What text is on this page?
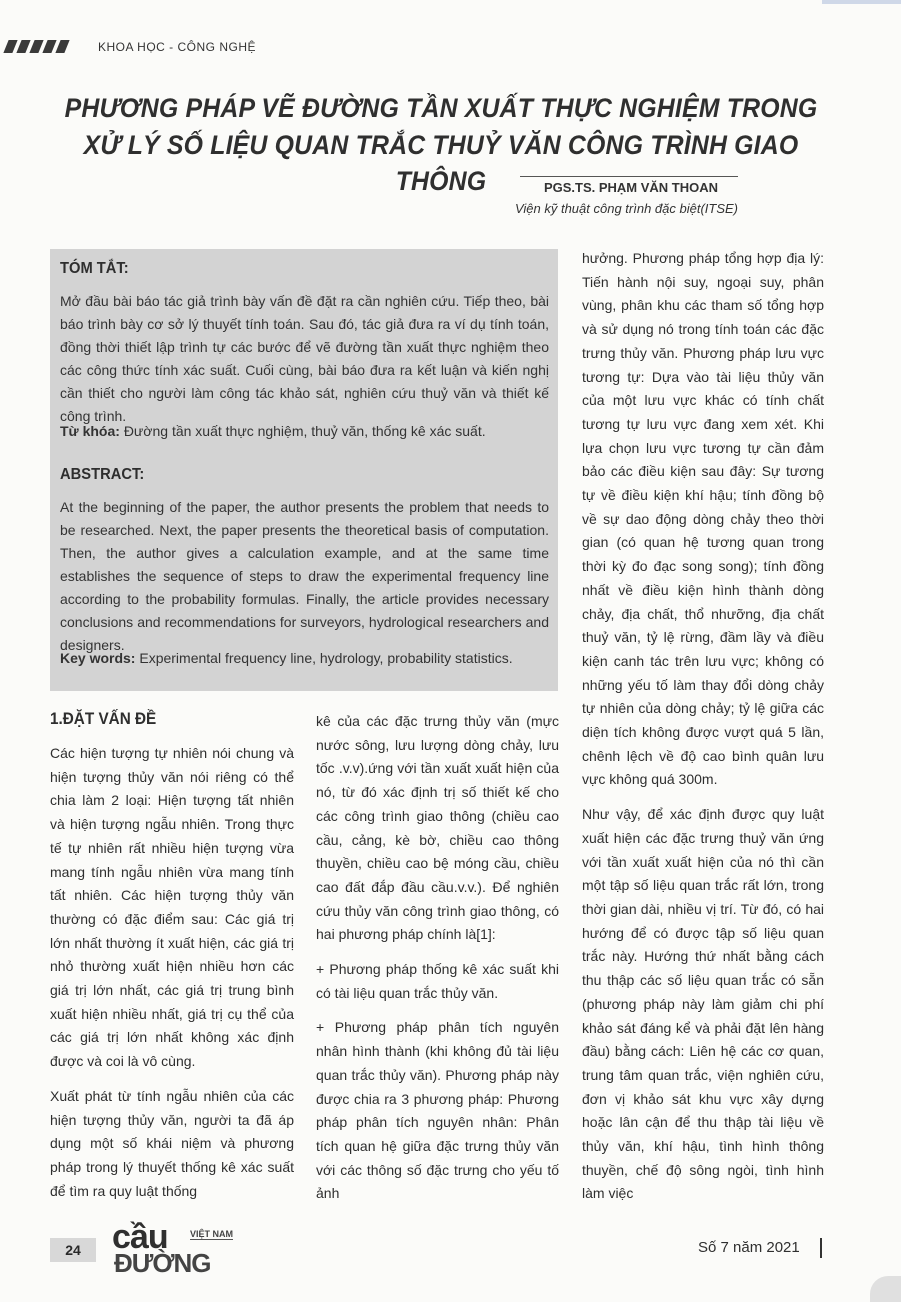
KHOA HỌC - CÔNG NGHỆ
PHƯƠNG PHÁP VẼ ĐƯỜNG TẦN XUẤT THỰC NGHIỆM TRONG
XỬ LÝ SỐ LIỆU QUAN TRẮC THUỶ VĂN CÔNG TRÌNH GIAO THÔNG	PGS.TS. PHẠM VĂN THOAN
Viện kỹ thuật công trình đặc biệt(ITSE)
TÓM TẮT:
Mở đầu bài báo tác giả trình bày vấn đề đặt ra cần nghiên cứu. Tiếp theo, bài báo trình bày cơ sở lý thuyết tính toán. Sau đó, tác giả đưa ra ví dụ tính toán, đồng thời thiết lập trình tự các bước để vẽ đường tần xuất thực nghiệm theo các công thức tính xác suất. Cuối cùng, bài báo đưa ra kết luận và kiến nghị cần thiết cho người làm công tác khảo sát, nghiên cứu thuỷ văn và thiết kế công trình.
Từ khóa: Đường tần xuất thực nghiệm, thuỷ văn, thống kê xác suất.
ABSTRACT:
At the beginning of the paper, the author presents the problem that needs to be researched. Next, the paper presents the theoretical basis of computation. Then, the author gives a calculation example, and at the same time establishes the sequence of steps to draw the experimental frequency line according to the probability formulas. Finally, the article provides necessary conclusions and recommendations for surveyors, hydrological researchers and designers.
Key words: Experimental frequency line, hydrology, probability statistics.
1.ĐẶT VẤN ĐỀ

Các hiện tượng tự nhiên nói chung và hiện tượng thủy văn nói riêng có thể chia làm 2 loại: Hiện tượng tất nhiên và hiện tượng ngẫu nhiên. Trong thực tế tự nhiên rất nhiều hiện tượng vừa mang tính ngẫu nhiên vừa mang tính tất nhiên. Các hiện tượng thủy văn thường có đặc điểm sau: Các giá trị lớn nhất thường ít xuất hiện, các giá trị nhỏ thường xuất hiện nhiều hơn các giá trị lớn nhất, các giá trị trung bình xuất hiện nhiều nhất, giá trị cụ thể của các giá trị lớn nhất không xác định được và coi là vô cùng.

Xuất phát từ tính ngẫu nhiên của các hiện tượng thủy văn, người ta đã áp dụng một số khái niệm và phương pháp trong lý thuyết thống kê xác suất để tìm ra quy luật thống

kê của các đặc trưng thủy văn (mực nước sông, lưu lượng dòng chảy, lưu tốc .v.v).ứng với tần xuất xuất hiện của nó, từ đó xác định trị số thiết kế cho các công trình giao thông (chiều cao cầu, cảng, kè bờ, chiều cao thông thuyền, chiều cao bệ móng cầu, chiều cao đất đắp đầu cầu.v.v.). Để nghiên cứu thủy văn công trình giao thông, có hai phương pháp chính là[1]:

+ Phương pháp thống kê xác suất khi có tài liệu quan trắc thủy văn.

+ Phương pháp phân tích nguyên nhân hình thành (khi không đủ tài liệu quan trắc thủy văn). Phương pháp này được chia ra 3 phương pháp: Phương pháp phân tích nguyên nhân: Phân tích quan hệ giữa đặc trưng thủy văn với các thông số đặc trưng cho yếu tố ảnh

hưởng. Phương pháp tổng hợp địa lý: Tiến hành nội suy, ngoại suy, phân vùng, phân khu các tham số tổng hợp và sử dụng nó trong tính toán các đặc trưng thủy văn. Phương pháp lưu vực tương tự: Dựa vào tài liệu thủy văn của một lưu vực khác có tính chất tương tự lưu vực đang xem xét. Khi lựa chọn lưu vực tương tự cần đảm bảo các điều kiện sau đây: Sự tương tự về điều kiện khí hậu; tính đồng bộ về sự dao động dòng chảy theo thời gian (có quan hệ tương quan trong thời kỳ đo đạc song song); tính đồng nhất về điều kiện hình thành dòng chảy, địa chất, thổ nhưỡng, địa chất thuỷ văn, tỷ lệ rừng, đầm lầy và điều kiện canh tác trên lưu vực; không có những yếu tố làm thay đổi dòng chảy tự nhiên của dòng chảy; tỷ lệ giữa các diện tích không được vượt quá 5 lần, chênh lệch về độ cao bình quân lưu vực không quá 300m.

Như vậy, để xác định được quy luật xuất hiện các đặc trưng thuỷ văn ứng với tần xuất xuất hiện của nó thì cần một tập số liệu quan trắc rất lớn, trong thời gian dài, nhiều vị trí. Từ đó, có hai hướng để có được tập số liệu quan trắc này. Hướng thứ nhất bằng cách thu thập các số liệu quan trắc có sẵn (phương pháp này làm giảm chi phí khảo sát đáng kể và phải đặt lên hàng đầu) bằng cách: Liên hệ các cơ quan, trung tâm quan trắc, viện nghiên cứu, đơn vị khảo sát khu vực xây dựng hoặc lân cận để thu thập tài liệu về thủy văn, khí hậu, tình hình thông thuyền, chế độ sông ngòi, tình hình làm việc

24 cầu VIỆT NAM
ĐƯỜNG
Số 7 năm 2021
